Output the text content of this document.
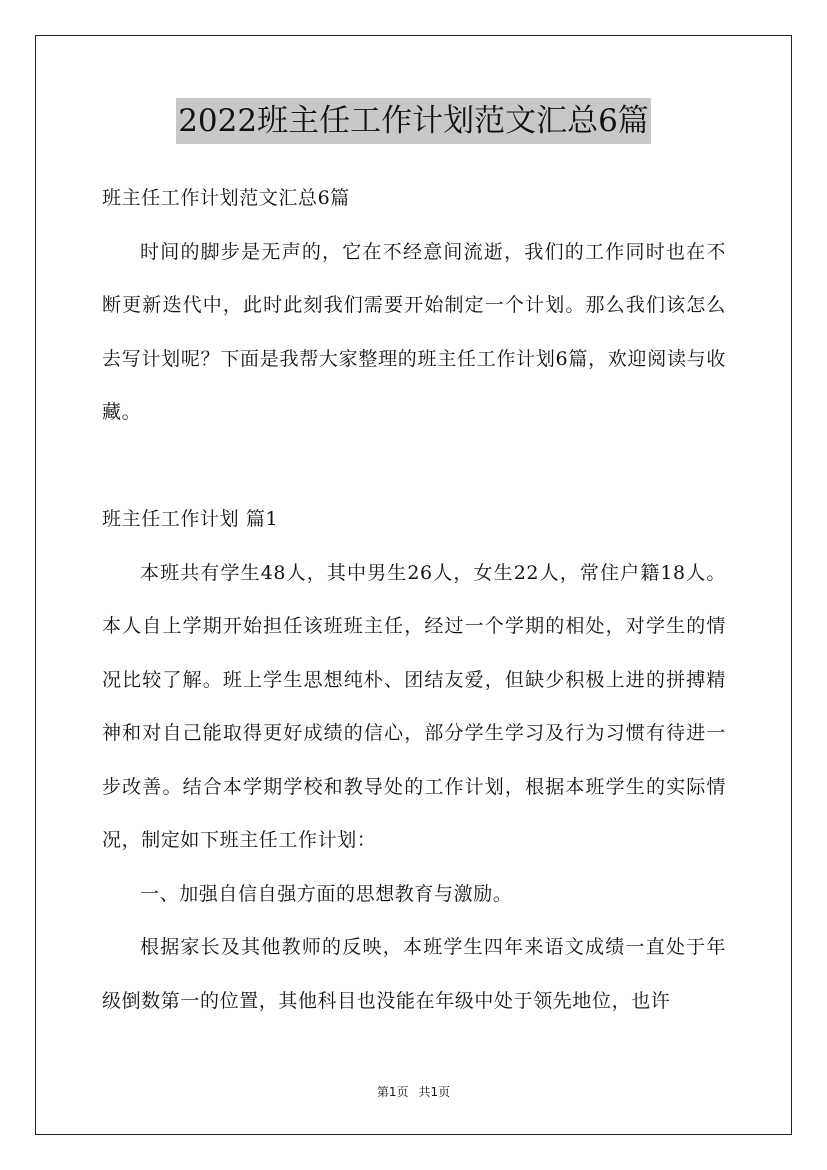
2022班主任工作计划范文汇总6篇

班主任工作计划范文汇总6篇

时间的脚步是无声的，它在不经意间流逝，我们的工作同时也在不断更新迭代中，此时此刻我们需要开始制定一个计划。那么我们该怎么去写计划呢？下面是我帮大家整理的班主任工作计划6篇，欢迎阅读与收藏。

班主任工作计划 篇1

本班共有学生48人，其中男生26人，女生22人，常住户籍18人。本人自上学期开始担任该班班主任，经过一个学期的相处，对学生的情况比较了解。班上学生思想纯朴、团结友爱，但缺少积极上进的拼搏精神和对自己能取得更好成绩的信心，部分学生学习及行为习惯有待进一步改善。结合本学期学校和教导处的工作计划，根据本班学生的实际情况，制定如下班主任工作计划：

一、加强自信自强方面的思想教育与激励。

根据家长及其他教师的反映，本班学生四年来语文成绩一直处于年级倒数第一的位置，其他科目也没能在年级中处于领先地位，也许

第1页 共1页
